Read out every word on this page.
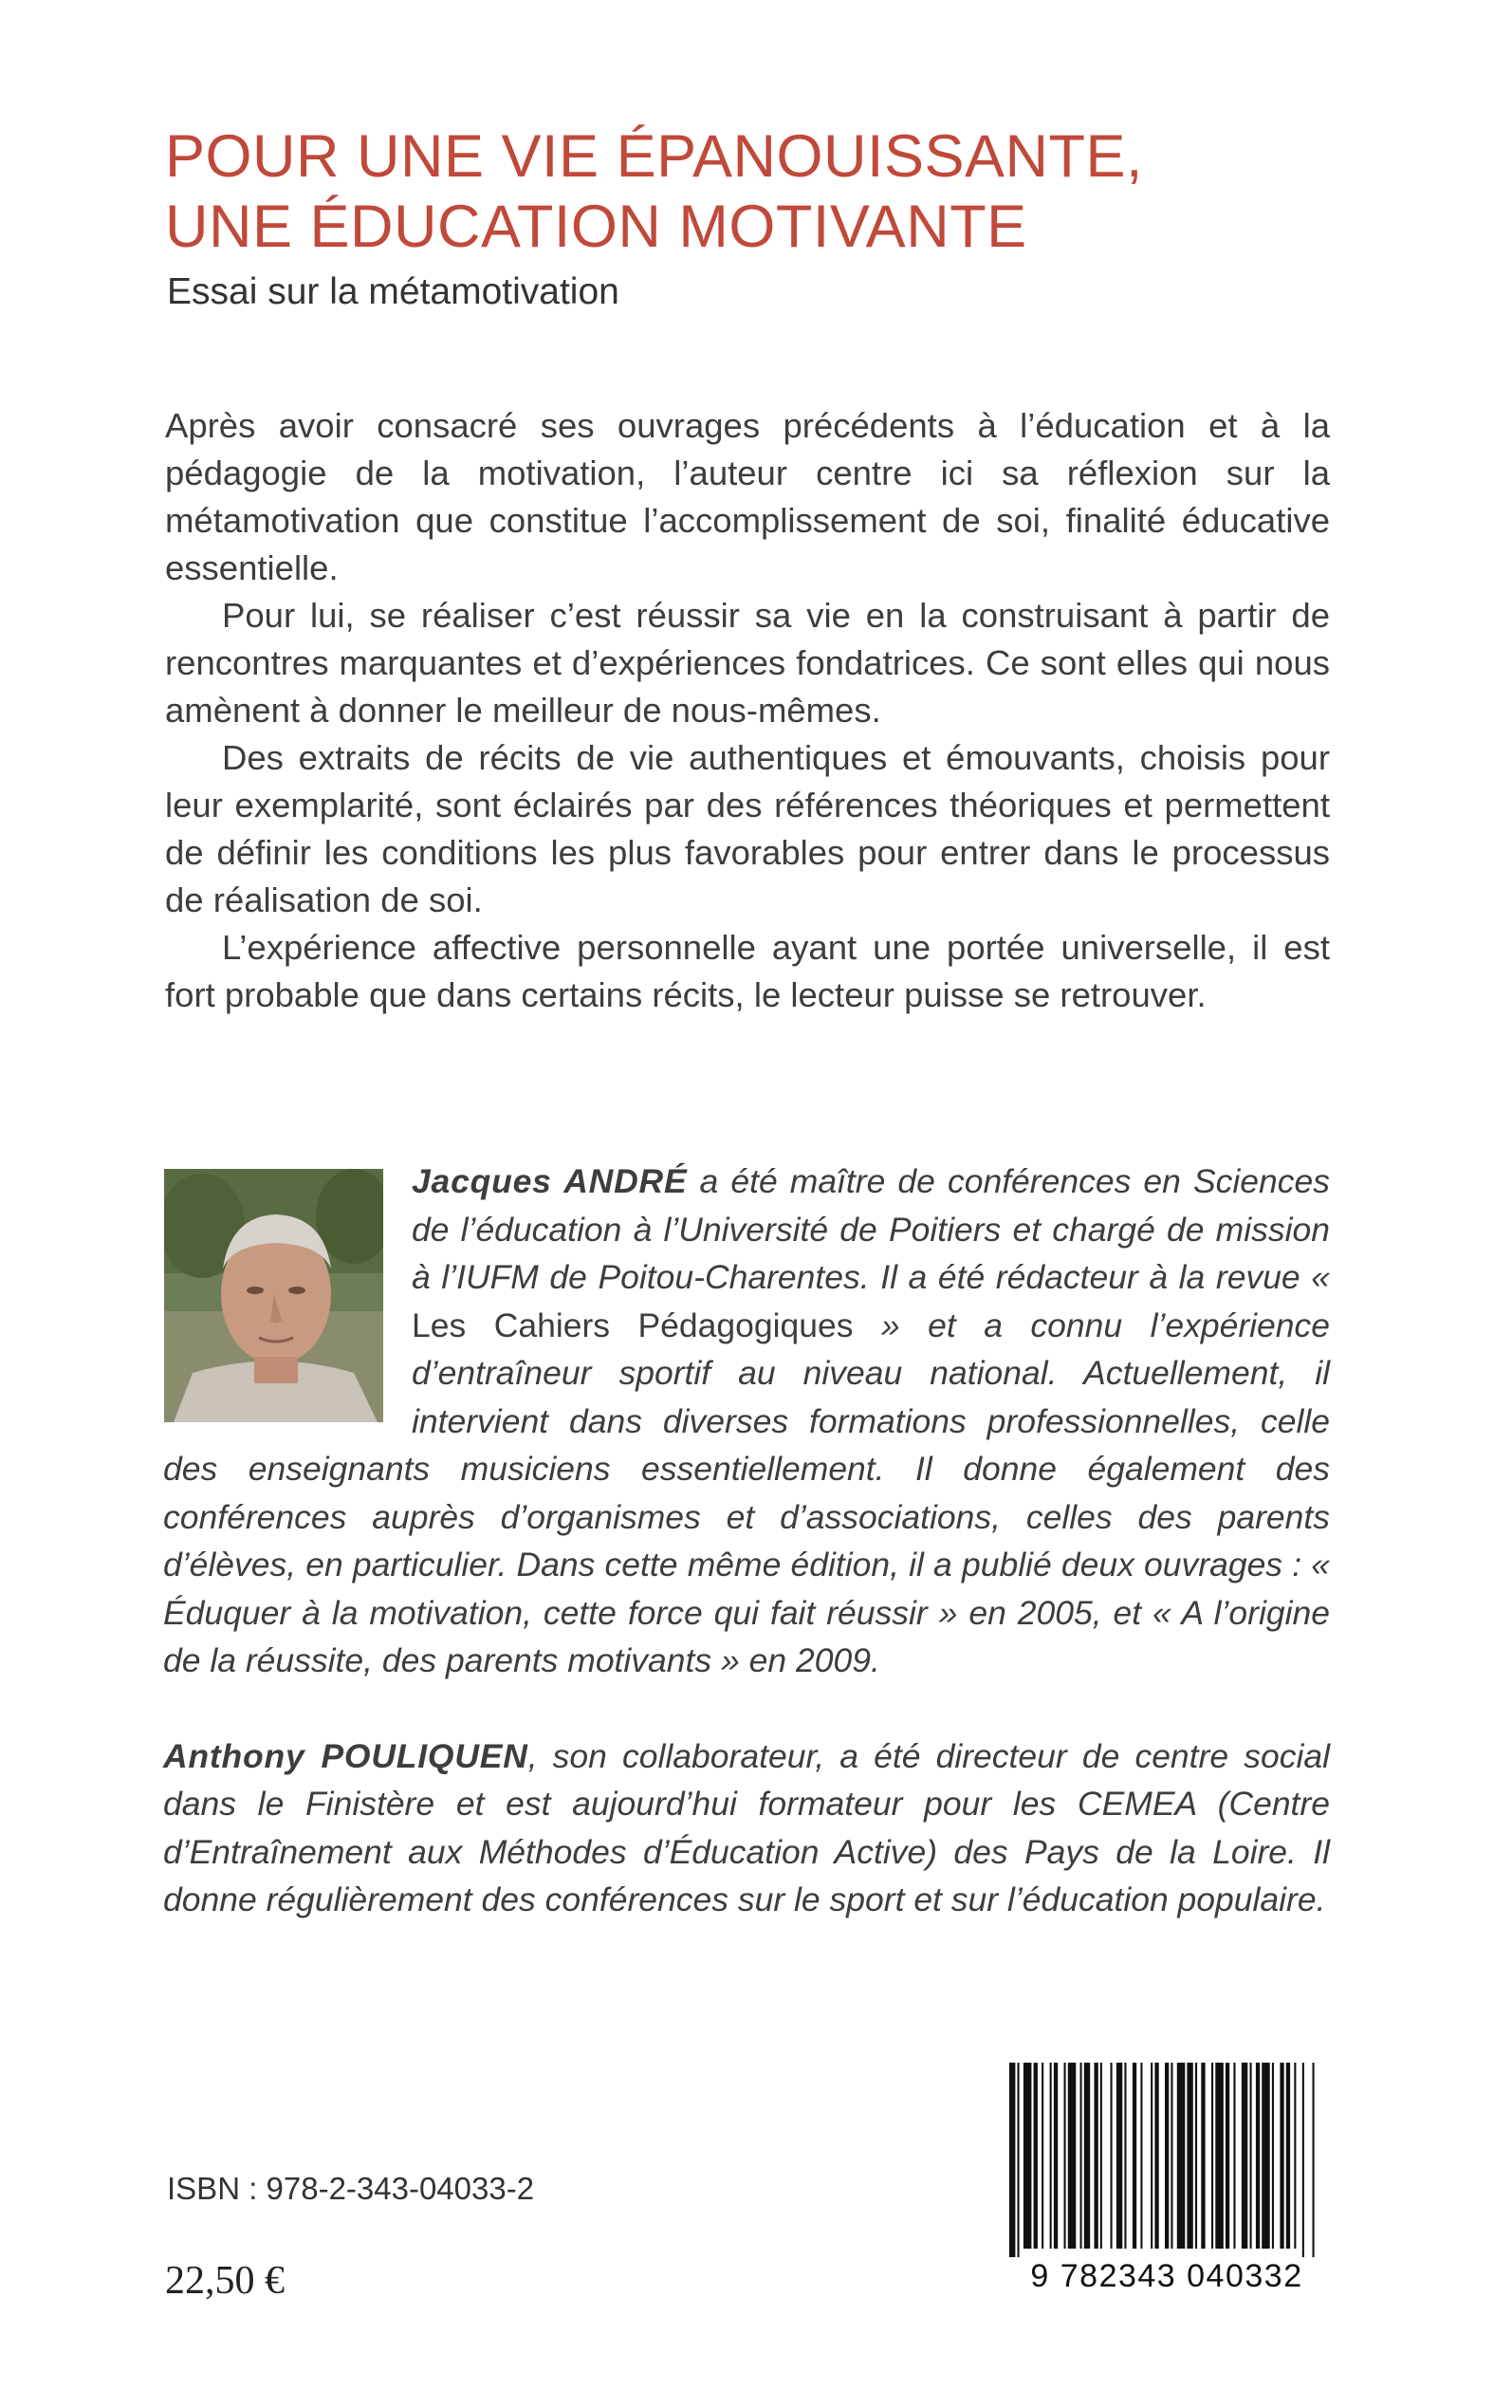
POUR UNE VIE ÉPANOUISSANTE,
UNE ÉDUCATION MOTIVANTE
Essai sur la métamotivation

Après avoir consacré ses ouvrages précédents à l’éducation et à la pédagogie de la motivation, l’auteur centre ici sa réflexion sur la métamotivation que constitue l’accomplissement de soi, finalité éducative essentielle.

Pour lui, se réaliser c’est réussir sa vie en la construisant à partir de rencontres marquantes et d’expériences fondatrices. Ce sont elles qui nous amènent à donner le meilleur de nous-mêmes.

Des extraits de récits de vie authentiques et émouvants, choisis pour leur exemplarité, sont éclairés par des références théoriques et permettent de définir les conditions les plus favorables pour entrer dans le processus de réalisation de soi.

L’expérience affective personnelle ayant une portée universelle, il est fort probable que dans certains récits, le lecteur puisse se retrouver.

Jacques ANDRÉ a été maître de conférences en Sciences de l’éducation à l’Université de Poitiers et chargé de mission à l’IUFM de Poitou-Charentes. Il a été rédacteur à la revue « Les Cahiers Pédagogiques » et a connu l’expérience d’entraîneur sportif au niveau national. Actuellement, il intervient dans diverses formations professionnelles, celle des enseignants musiciens essentiellement. Il donne également des conférences auprès d’organismes et d’associations, celles des parents d’élèves, en particulier. Dans cette même édition, il a publié deux ouvrages : « Éduquer à la motivation, cette force qui fait réussir » en 2005, et « A l’origine de la réussite, des parents motivants » en 2009.

Anthony POULIQUEN, son collaborateur, a été directeur de centre social dans le Finistère et est aujourd’hui formateur pour les CEMEA (Centre d’Entraînement aux Méthodes d’Éducation Active) des Pays de la Loire. Il donne régulièrement des conférences sur le sport et sur l’éducation populaire.

ISBN : 978-2-343-04033-2
22,50 €	9 782343 040332
